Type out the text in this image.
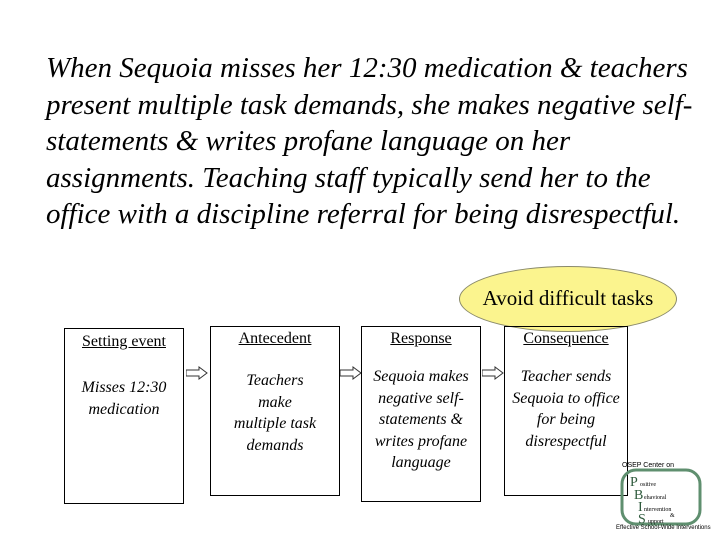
When Sequoia misses her 12:30 medication & teachers present multiple task demands, she makes negative self-statements & writes profane language on her assignments. Teaching staff typically send her to the office with a discipline referral for being disrespectful.

Avoid difficult tasks
Setting event
Misses 12:30 medication
Antecedent
Teachers make multiple task demands
Response
Sequoia makes negative self-statements & writes profane language
Consequence
Teacher sends Sequoia to office for being disrespectful
OSEP Center on
P ositive
B ehavioral
I ntervention
&
S upport
Effective School-Wide Interventions
